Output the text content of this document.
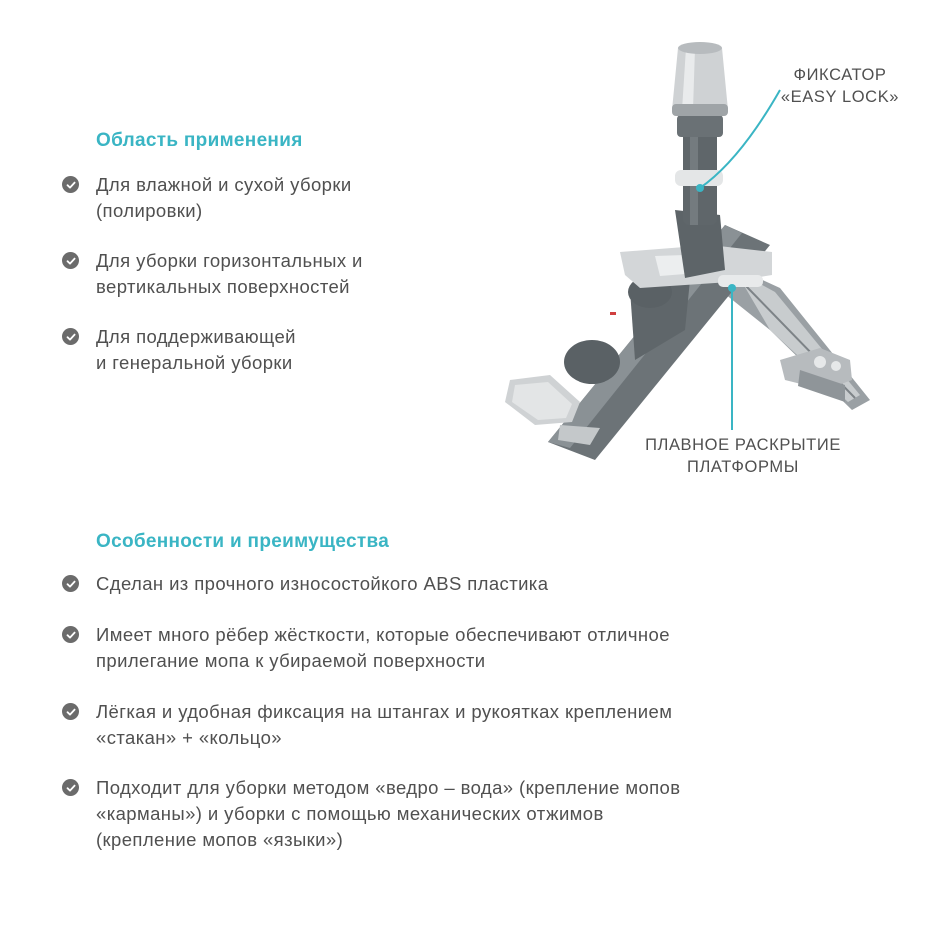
Область применения
Для влажной и сухой уборки
(полировки)
Для уборки горизонтальных и
вертикальных поверхностей
Для поддерживающей
и генеральной уборки
ФИКСАТОР
«EASY LOCK»
ПЛАВНОЕ РАСКРЫТИЕ
ПЛАТФОРМЫ
Особенности и преимущества
Сделан из прочного износостойкого ABS пластика
Имеет много рёбер жёсткости, которые обеспечивают отличное
прилегание мопа к убираемой поверхности
Лёгкая и удобная фиксация на штангах и рукоятках креплением
«стакан» + «кольцо»
Подходит для уборки методом «ведро – вода» (крепление мопов
«карманы») и уборки с помощью механических отжимов
(крепление мопов «языки»)
